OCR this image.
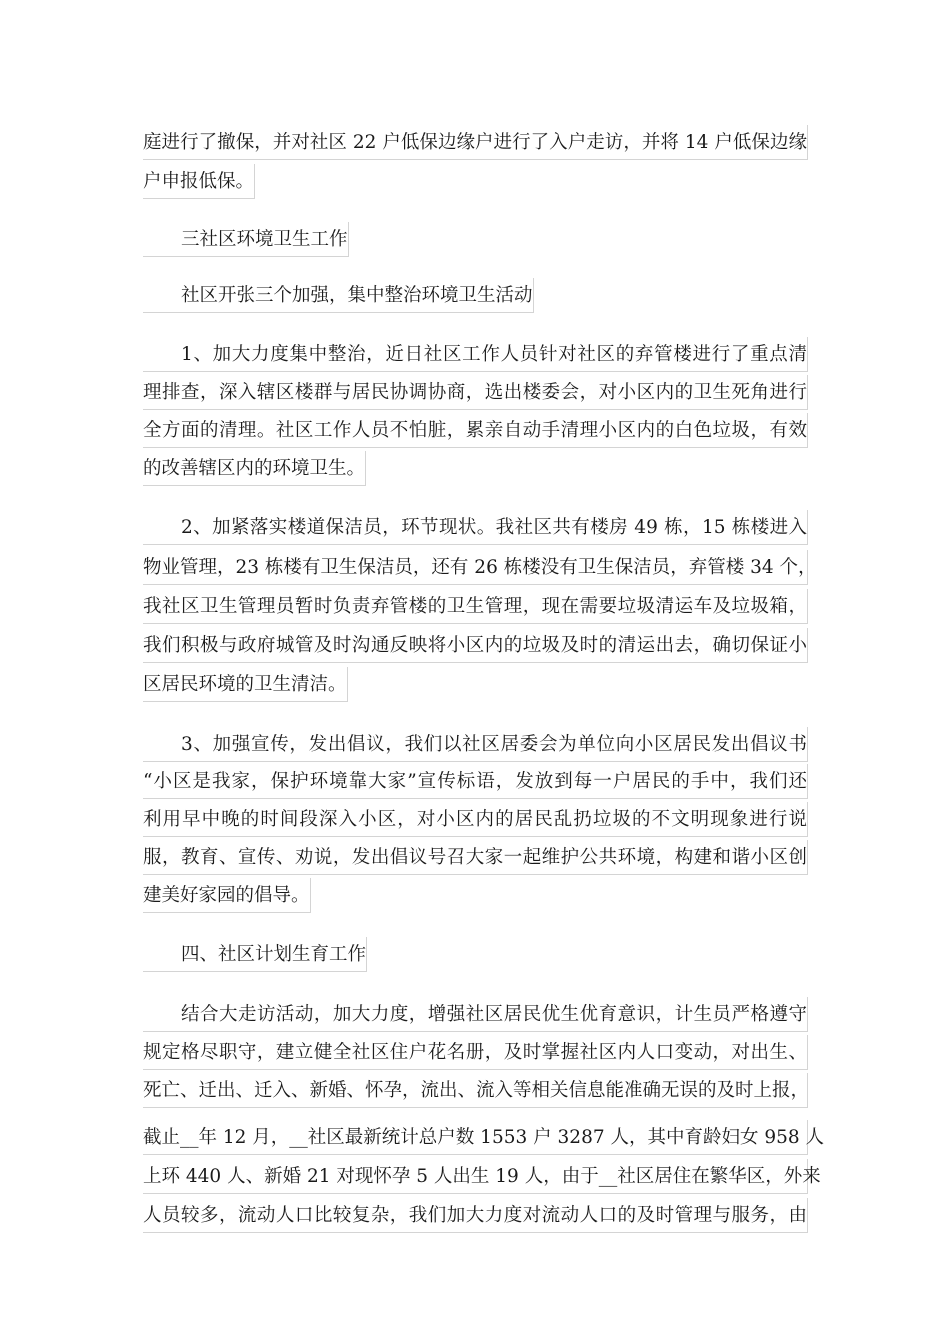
庭进行了撤保，并对社区 22 户低保边缘户进行了入户走访，并将 14 户低保边缘
户申报低保。
三社区环境卫生工作
社区开张三个加强，集中整治环境卫生活动
1、加大力度集中整治，近日社区工作人员针对社区的弃管楼进行了重点清
理排查，深入辖区楼群与居民协调协商，选出楼委会，对小区内的卫生死角进行
全方面的清理。社区工作人员不怕脏，累亲自动手清理小区内的白色垃圾，有效
的改善辖区内的环境卫生。
2、加紧落实楼道保洁员，环节现状。我社区共有楼房 49 栋，15 栋楼进入
物业管理，23 栋楼有卫生保洁员，还有 26 栋楼没有卫生保洁员，弃管楼 34 个，
我社区卫生管理员暂时负责弃管楼的卫生管理，现在需要垃圾清运车及垃圾箱，
我们积极与政府城管及时沟通反映将小区内的垃圾及时的清运出去，确切保证小
区居民环境的卫生清洁。
3、加强宣传，发出倡议，我们以社区居委会为单位向小区居民发出倡议书
“小区是我家，保护环境靠大家”宣传标语，发放到每一户居民的手中，我们还
利用早中晚的时间段深入小区，对小区内的居民乱扔垃圾的不文明现象进行说
服，教育、宣传、劝说，发出倡议号召大家一起维护公共环境，构建和谐小区创
建美好家园的倡导。
四、社区计划生育工作
结合大走访活动，加大力度，增强社区居民优生优育意识，计生员严格遵守
规定格尽职守，建立健全社区住户花名册，及时掌握社区内人口变动，对出生、
死亡、迁出、迁入、新婚、怀孕，流出、流入等相关信息能准确无误的及时上报，
截止__年 12 月，__社区最新统计总户数 1553 户 3287 人，其中育龄妇女 958 人
上环 440 人、新婚 21 对现怀孕 5 人出生 19 人，由于__社区居住在繁华区，外来
人员较多，流动人口比较复杂，我们加大力度对流动人口的及时管理与服务，由
